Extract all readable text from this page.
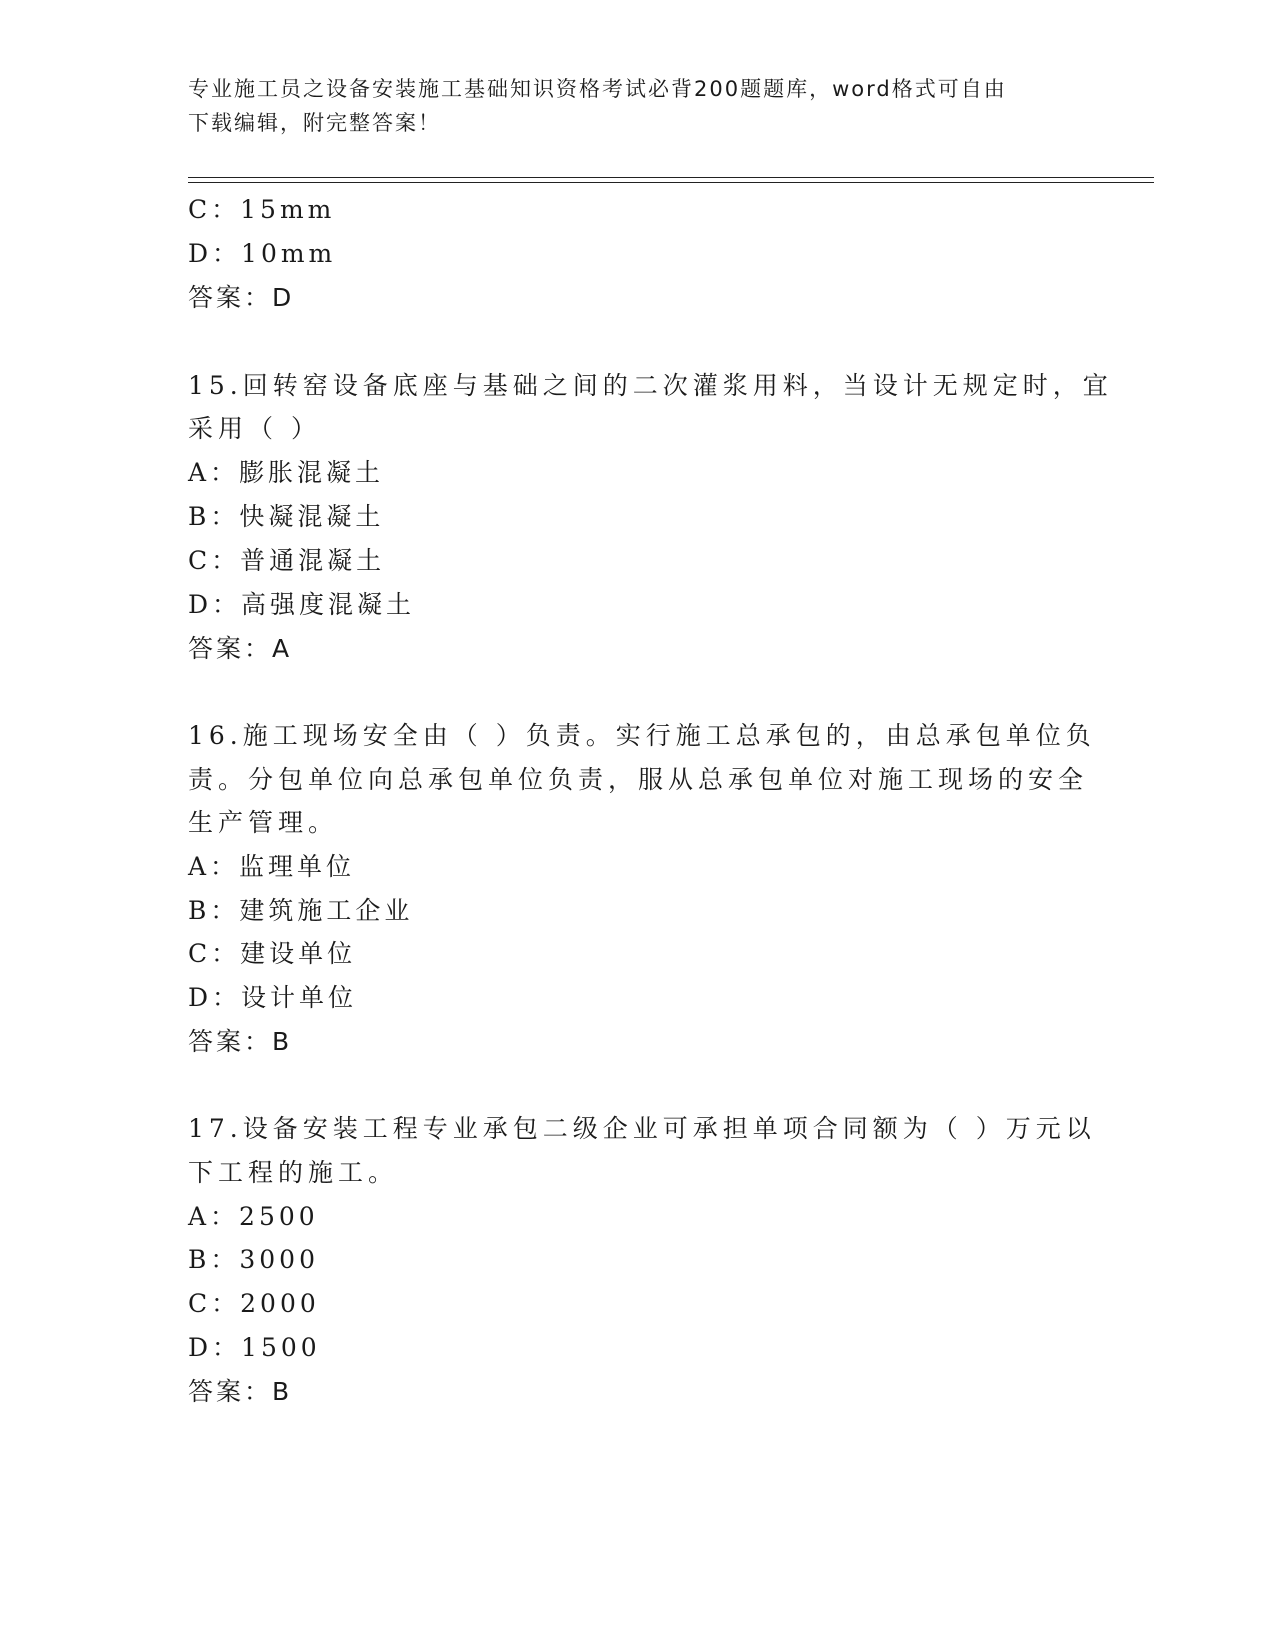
专业施工员之设备安装施工基础知识资格考试必背200题题库，word格式可自由
下载编辑，附完整答案！
C：15mm
D：10mm
答案：D
15.回转窑设备底座与基础之间的二次灌浆用料，当设计无规定时，宜
采用（ ）
A：膨胀混凝土
B：快凝混凝土
C：普通混凝土
D：高强度混凝土
答案：A
16.施工现场安全由（ ）负责。实行施工总承包的，由总承包单位负
责。分包单位向总承包单位负责，服从总承包单位对施工现场的安全
生产管理。
A：监理单位
B：建筑施工企业
C：建设单位
D：设计单位
答案：B
17.设备安装工程专业承包二级企业可承担单项合同额为（ ）万元以
下工程的施工。
A：2500
B：3000
C：2000
D：1500
答案：B
